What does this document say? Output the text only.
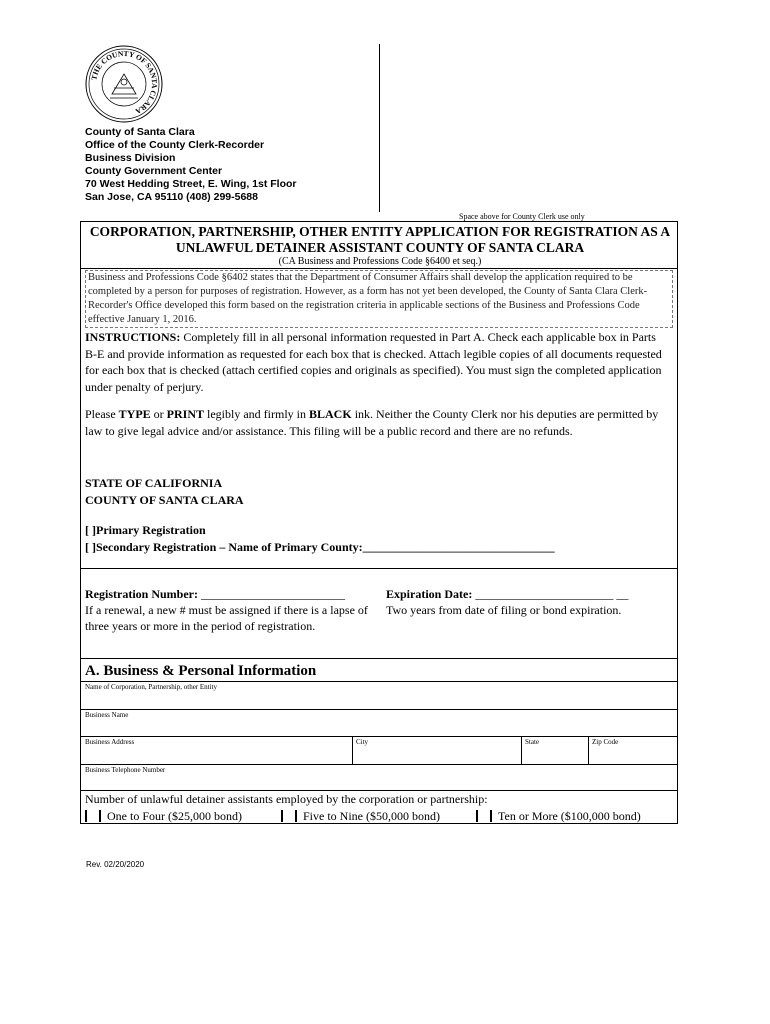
THE COUNTY OF SANTA CLARA
County of Santa Clara
Office of the County Clerk-Recorder
Business Division
County Government Center
70 West Hedding Street, E. Wing, 1st Floor
San Jose, CA 95110 (408) 299-5688
Space above for County Clerk use only
CORPORATION, PARTNERSHIP, OTHER ENTITY APPLICATION FOR REGISTRATION AS A
UNLAWFUL DETAINER ASSISTANT COUNTY OF SANTA CLARA
(CA Business and Professions Code §6400 et seq.)
Business and Professions Code §6402 states that the Department of Consumer Affairs shall develop the application required to be completed by a person for purposes of registration. However, as a form has not yet been developed, the County of Santa Clara Clerk-Recorder's Office developed this form based on the registration criteria in applicable sections of the Business and Professions Code effective January 1, 2016.
INSTRUCTIONS: Completely fill in all personal information requested in Part A. Check each applicable box in Parts B-E and provide information as requested for each box that is checked. Attach legible copies of all documents requested for each box that is checked (attach certified copies and originals as specified). You must sign the completed application under penalty of perjury.
Please TYPE or PRINT legibly and firmly in BLACK ink. Neither the County Clerk nor his deputies are permitted by law to give legal advice and/or assistance. This filing will be a public record and there are no refunds.
STATE OF CALIFORNIA
COUNTY OF SANTA CLARA
[ ]Primary Registration
[ ]Secondary Registration – Name of Primary County:________________________________
Registration Number: ________________________
If a renewal, a new # must be assigned if there is a lapse of three years or more in the period of registration.
Expiration Date: _______________________ __
Two years from date of filing or bond expiration.
A. Business & Personal Information
Name of Corporation, Partnership, other Entity
Business Name
Business Address	City	State	Zip Code
Business Telephone Number
Number of unlawful detainer assistants employed by the corporation or partnership:
One to Four ($25,000 bond)	Five to Nine ($50,000 bond)	Ten or More ($100,000 bond)
Rev. 02/20/2020
